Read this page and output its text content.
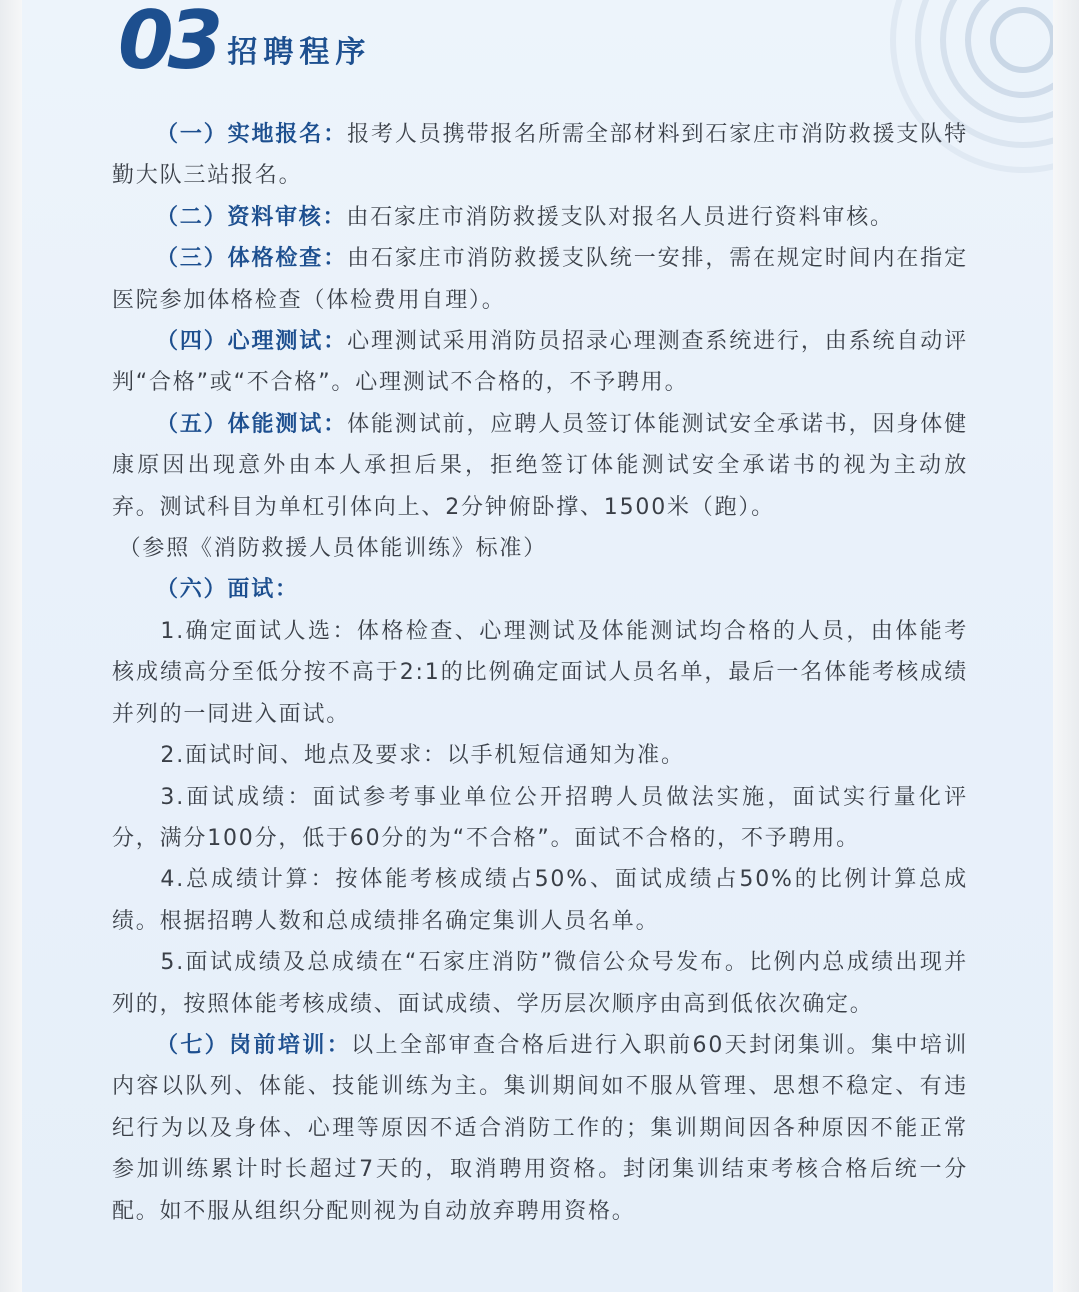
03 招聘程序

（一）实地报名：报考人员携带报名所需全部材料到石家庄市消防救援支队特勤大队三站报名。

（二）资料审核：由石家庄市消防救援支队对报名人员进行资料审核。

（三）体格检查：由石家庄市消防救援支队统一安排，需在规定时间内在指定医院参加体格检查（体检费用自理）。

（四）心理测试：心理测试采用消防员招录心理测查系统进行，由系统自动评判“合格”或“不合格”。心理测试不合格的，不予聘用。

（五）体能测试：体能测试前，应聘人员签订体能测试安全承诺书，因身体健康原因出现意外由本人承担后果，拒绝签订体能测试安全承诺书的视为主动放弃。测试科目为单杠引体向上、2分钟俯卧撑、1500米（跑）。

（参照《消防救援人员体能训练》标准）

（六）面试：

1.确定面试人选：体格检查、心理测试及体能测试均合格的人员，由体能考核成绩高分至低分按不高于2:1的比例确定面试人员名单，最后一名体能考核成绩并列的一同进入面试。

2.面试时间、地点及要求：以手机短信通知为准。

3.面试成绩：面试参考事业单位公开招聘人员做法实施，面试实行量化评分，满分100分，低于60分的为“不合格”。面试不合格的，不予聘用。

4.总成绩计算：按体能考核成绩占50%、面试成绩占50%的比例计算总成绩。根据招聘人数和总成绩排名确定集训人员名单。

5.面试成绩及总成绩在“石家庄消防”微信公众号发布。比例内总成绩出现并列的，按照体能考核成绩、面试成绩、学历层次顺序由高到低依次确定。

（七）岗前培训：以上全部审查合格后进行入职前60天封闭集训。集中培训内容以队列、体能、技能训练为主。集训期间如不服从管理、思想不稳定、有违纪行为以及身体、心理等原因不适合消防工作的；集训期间因各种原因不能正常参加训练累计时长超过7天的，取消聘用资格。封闭集训结束考核合格后统一分配。如不服从组织分配则视为自动放弃聘用资格。
